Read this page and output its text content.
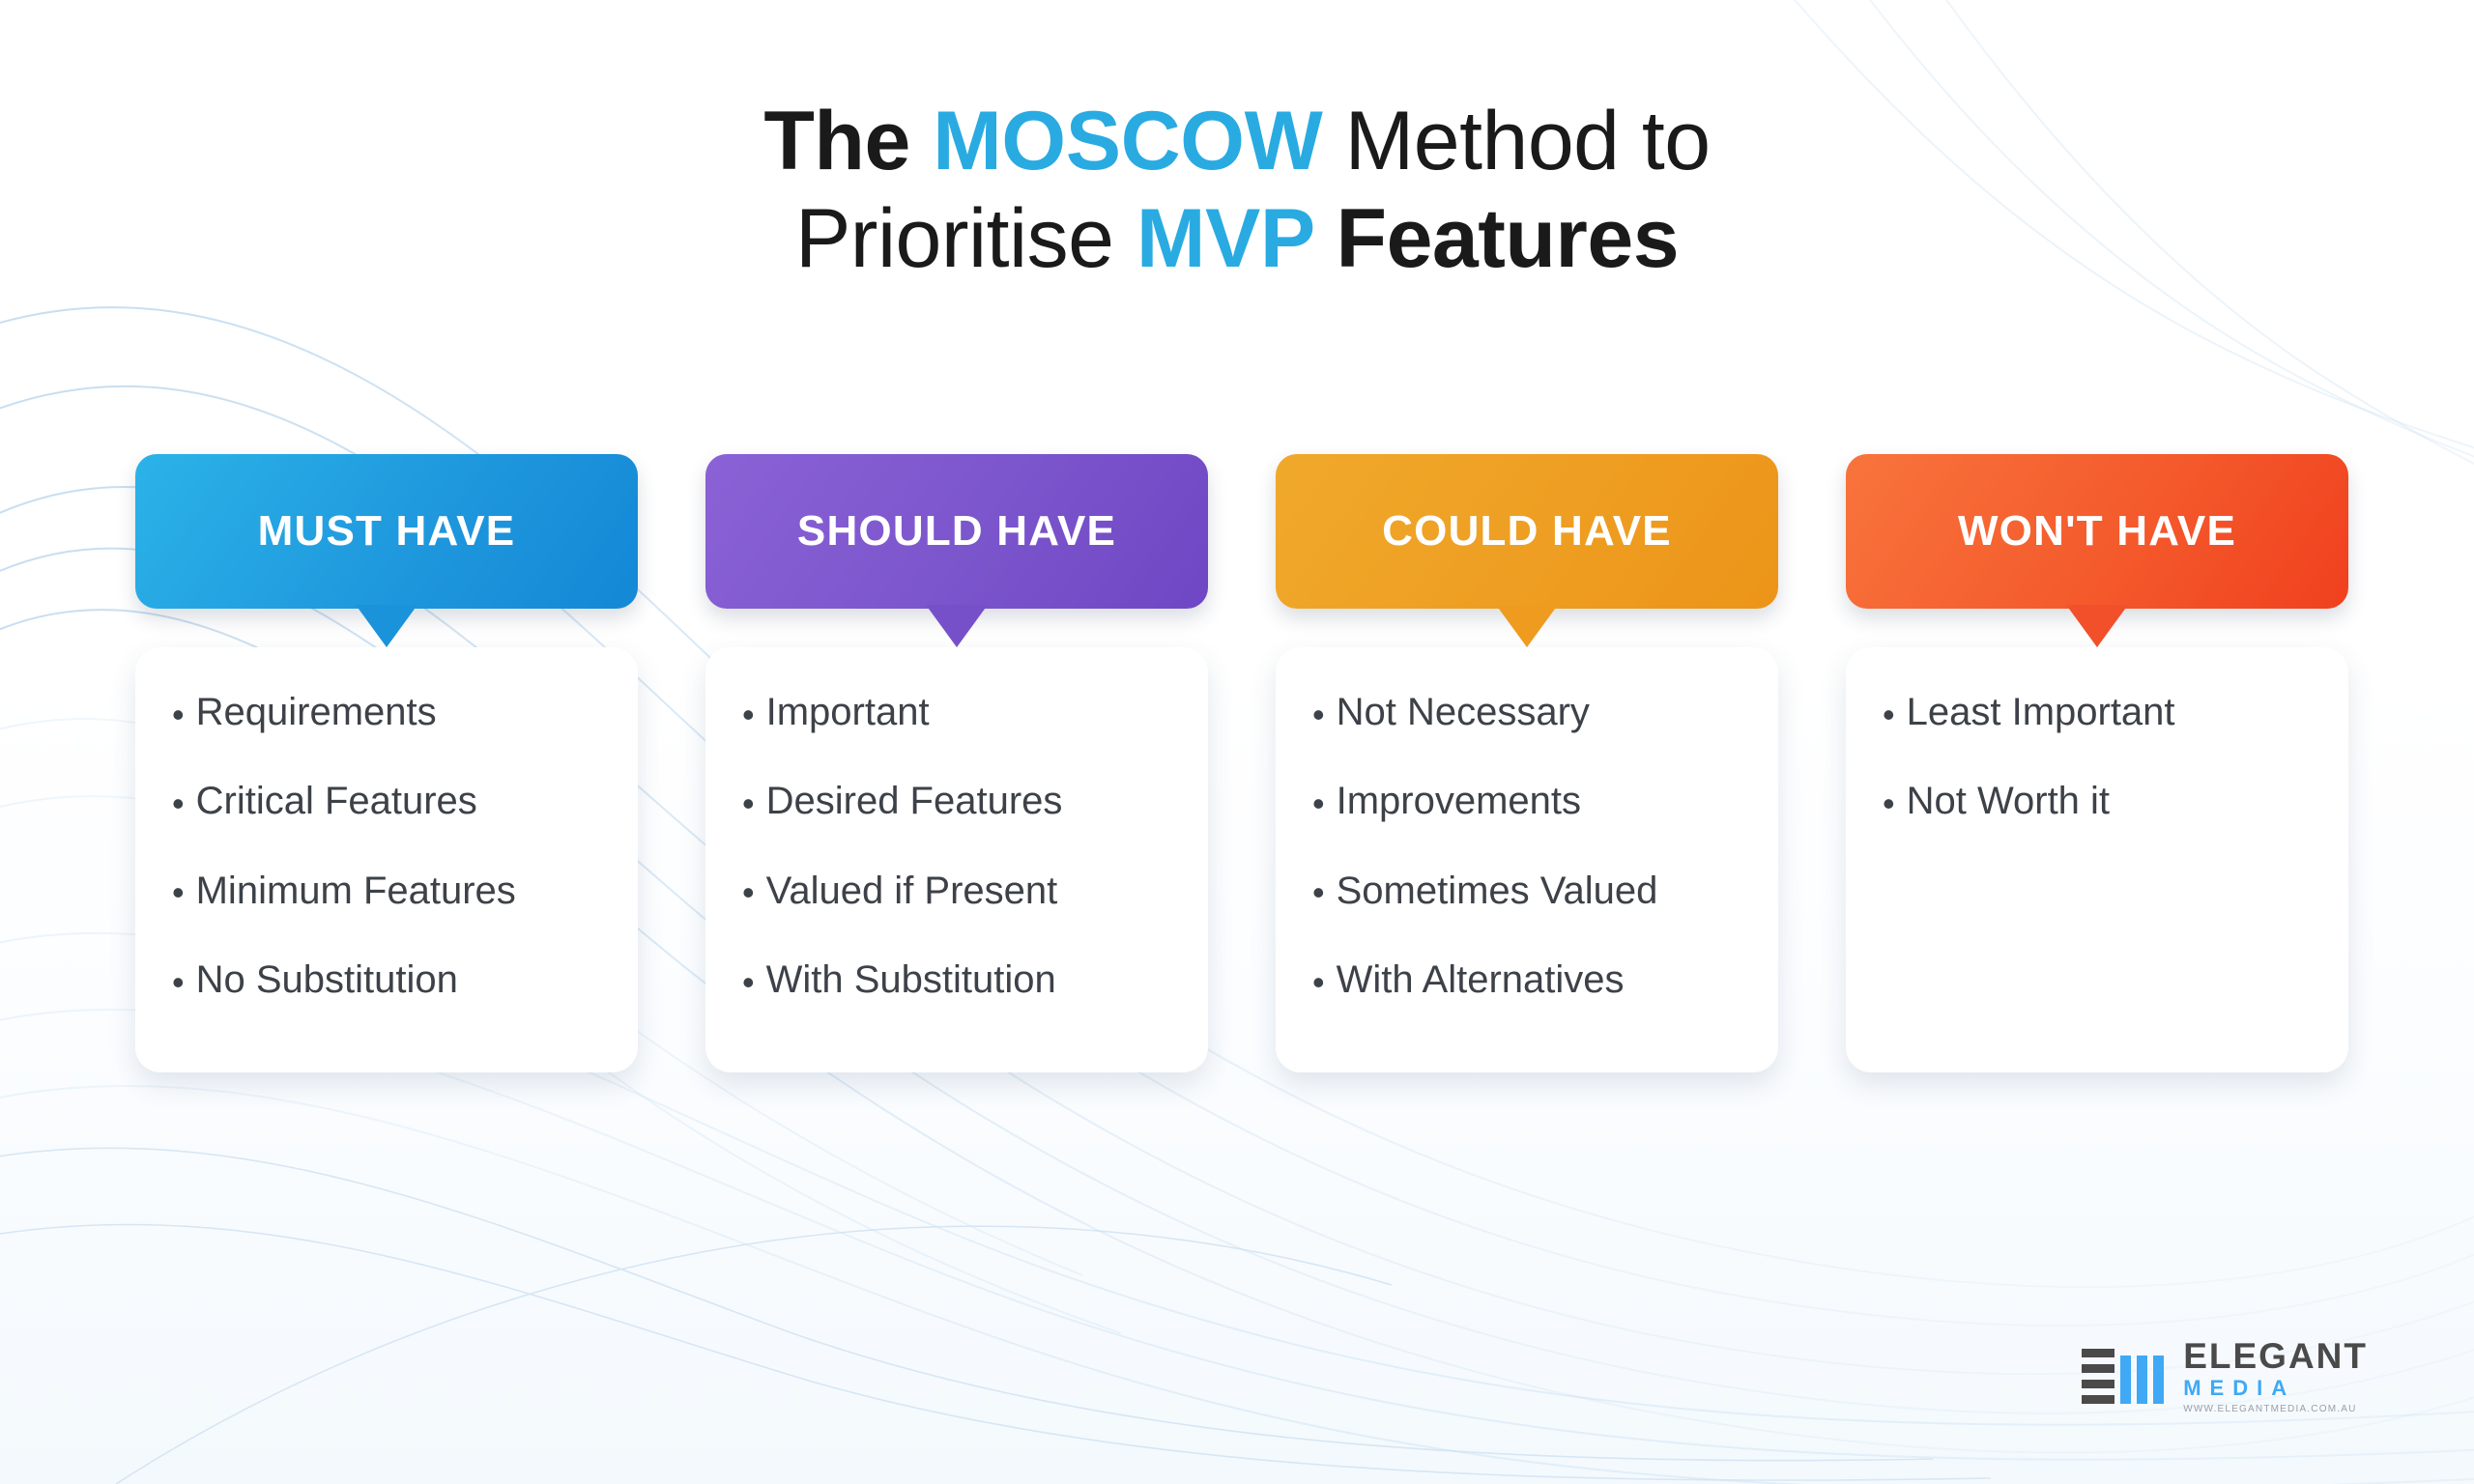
The MOSCOW Method to
Prioritise MVP Features
MUST HAVE
• Requirements
• Critical Features
• Minimum Features
• No Substitution
SHOULD HAVE
• Important
• Desired Features
• Valued if Present
• With Substitution
COULD HAVE
• Not Necessary
• Improvements
• Sometimes Valued
• With Alternatives
WON'T HAVE
• Least Important
• Not Worth it
ELEGANT
MEDIA
WWW.ELEGANTMEDIA.COM.AU
